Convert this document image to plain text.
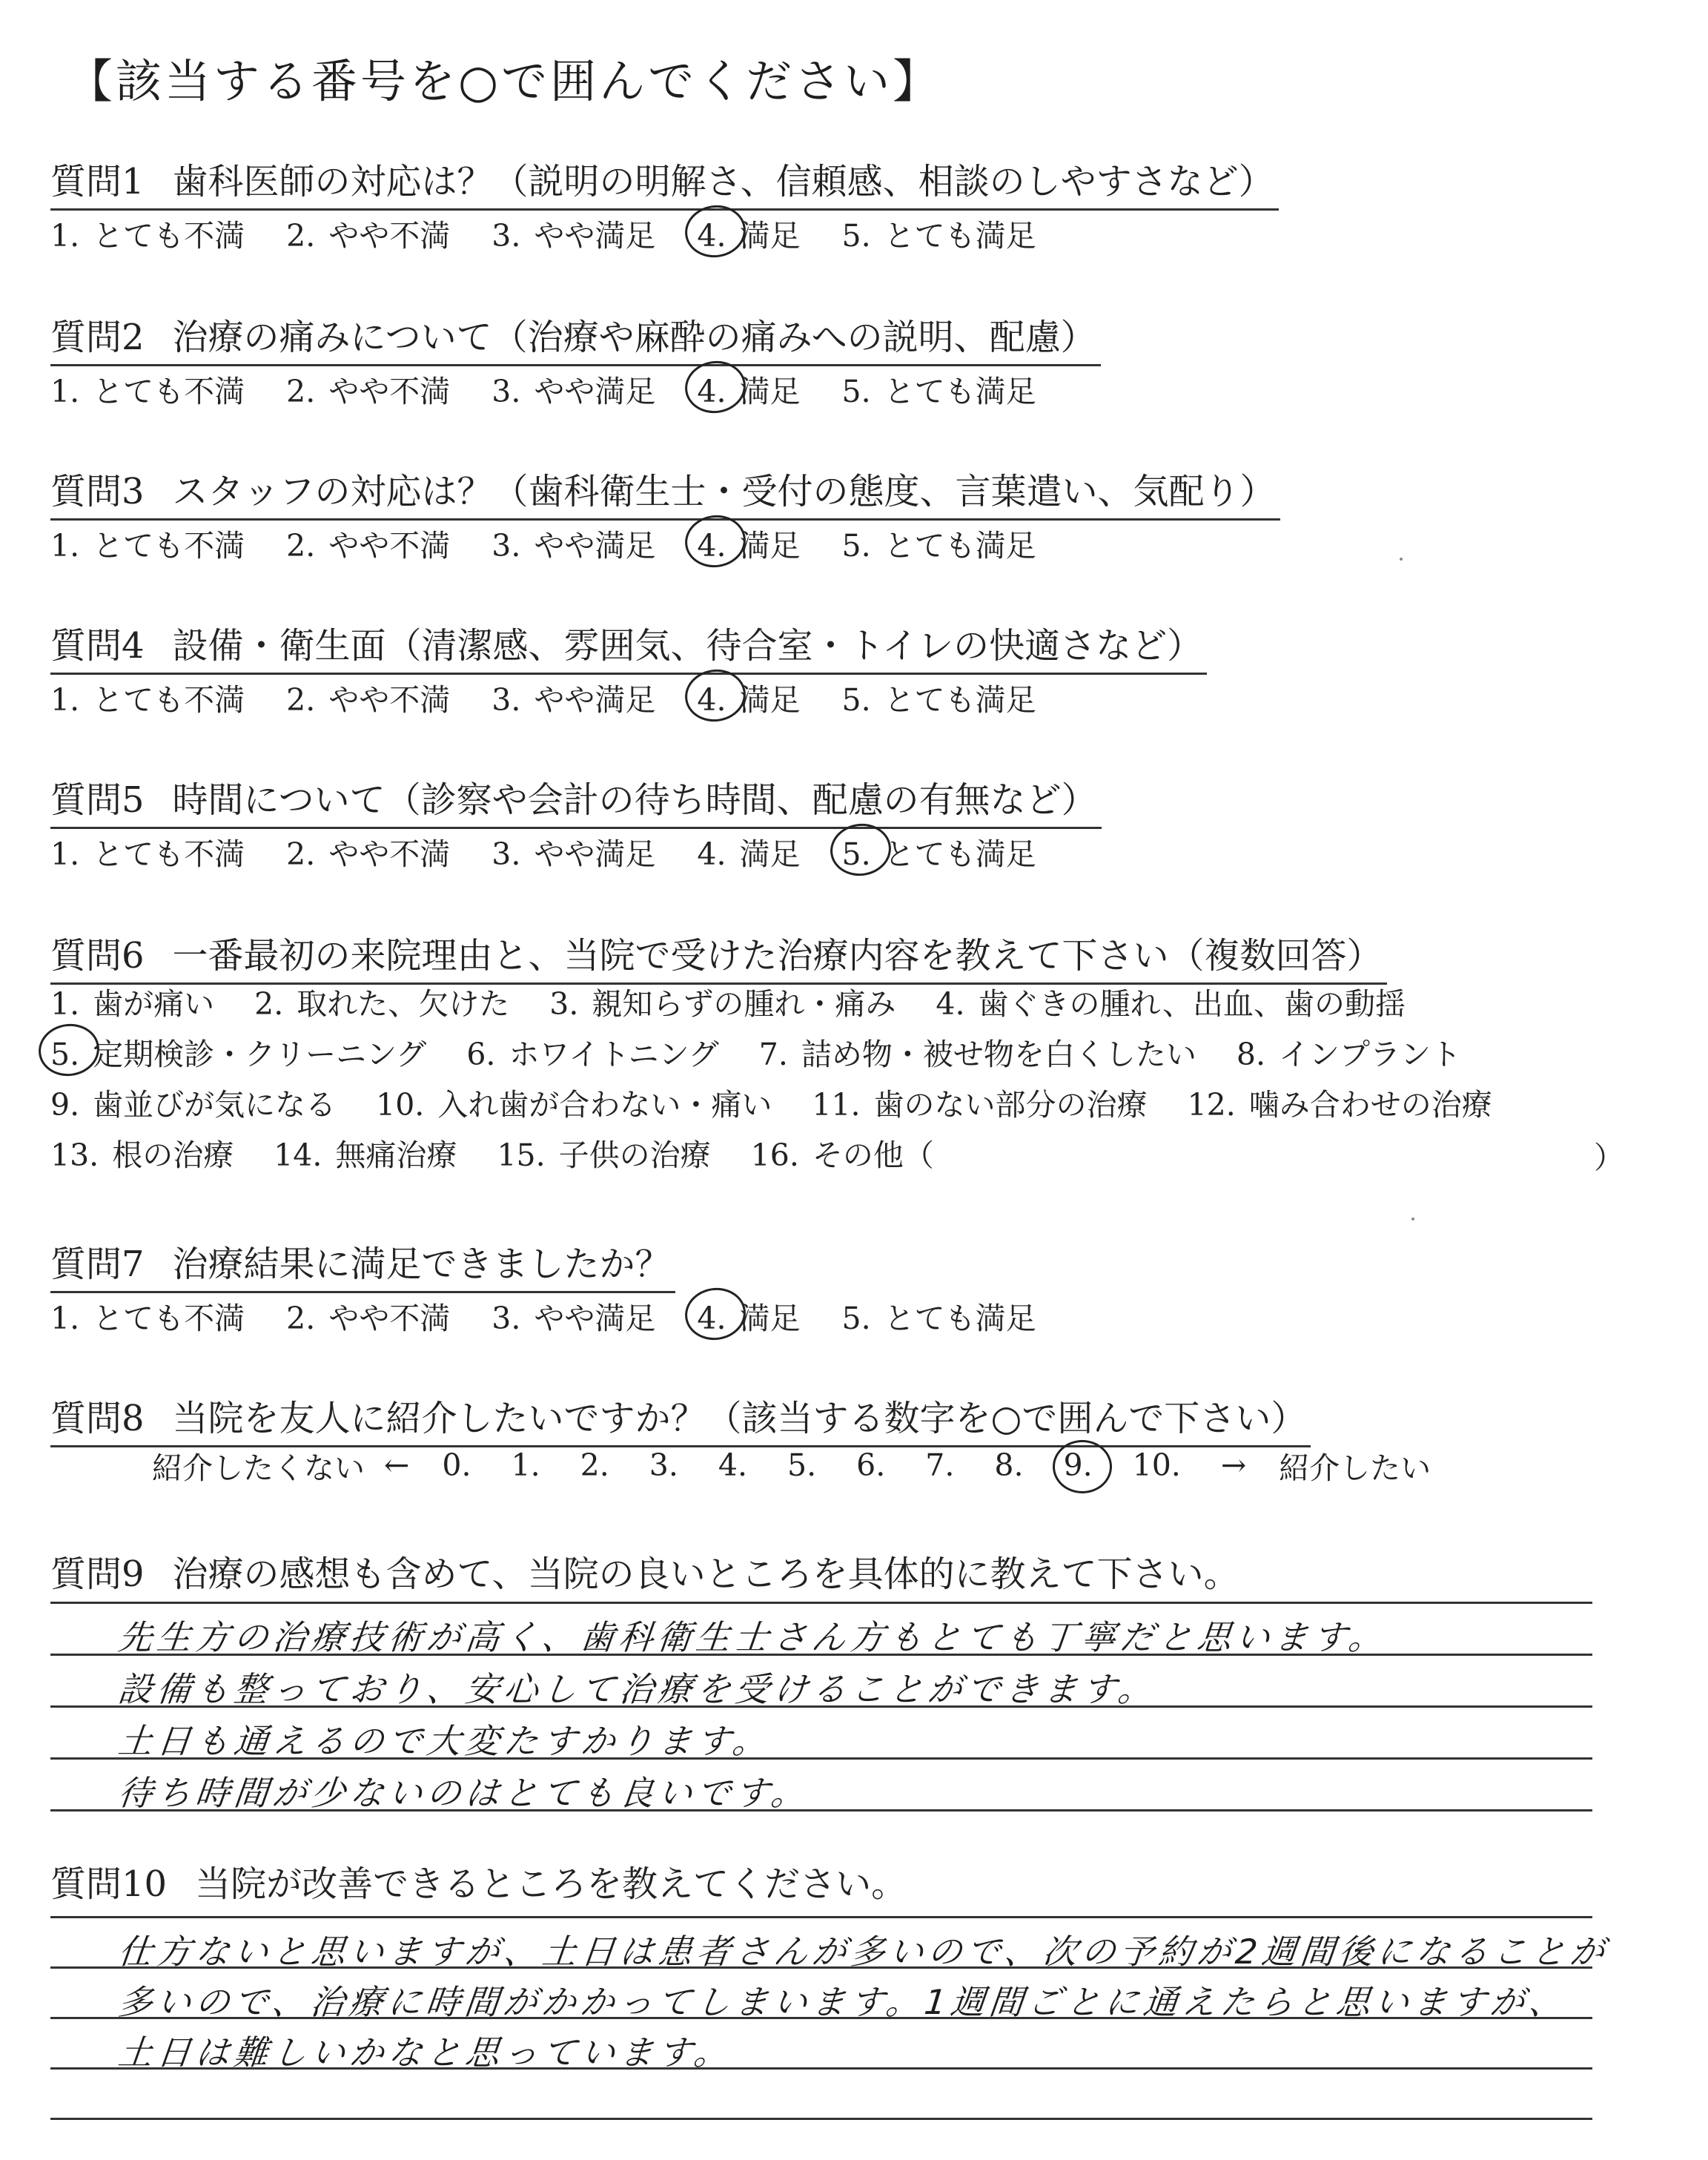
【該当する番号を○で囲んでください】
質問1 歯科医師の対応は？（説明の明解さ、信頼感、相談のしやすさなど）
1. とても不満 2. やや不満 3. やや満足 4. 満足 5. とても満足
質問2 治療の痛みについて（治療や麻酔の痛みへの説明、配慮）
1. とても不満 2. やや不満 3. やや満足 4. 満足 5. とても満足
質問3 スタッフの対応は？（歯科衛生士・受付の態度、言葉遣い、気配り）
1. とても不満 2. やや不満 3. やや満足 4. 満足 5. とても満足
質問4 設備・衛生面（清潔感、雰囲気、待合室・トイレの快適さなど）
1. とても不満 2. やや不満 3. やや満足 4. 満足 5. とても満足
質問5 時間について（診察や会計の待ち時間、配慮の有無など）
1. とても不満 2. やや不満 3. やや満足 4. 満足 5. とても満足
質問6 一番最初の来院理由と、当院で受けた治療内容を教えて下さい（複数回答）
1. 歯が痛い 2. 取れた、欠けた 3. 親知らずの腫れ・痛み 4. 歯ぐきの腫れ、出血、歯の動揺
5. 定期検診・クリーニング 6. ホワイトニング 7. 詰め物・被せ物を白くしたい 8. インプラント
9. 歯並びが気になる 10. 入れ歯が合わない・痛い 11. 歯のない部分の治療 12. 噛み合わせの治療
13. 根の治療 14. 無痛治療 15. 子供の治療 16. その他（	）
質問7 治療結果に満足できましたか？
1. とても不満 2. やや不満 3. やや満足 4. 満足 5. とても満足
質問8 当院を友人に紹介したいですか？（該当する数字を○で囲んで下さい）
紹介したくない ← 0. 1. 2. 3. 4. 5. 6. 7. 8. 9. 10. → 紹介したい
質問9 治療の感想も含めて、当院の良いところを具体的に教えて下さい。
先生方の治療技術が高く、歯科衛生士さん方もとても丁寧だと思います。
設備も整っており、安心して治療を受けることができます。
土日も通えるので大変たすかります。
待ち時間が少ないのはとても良いです。
質問10 当院が改善できるところを教えてください。
仕方ないと思いますが、土日は患者さんが多いので、次の予約が2週間後になることが
多いので、治療に時間がかかってしまいます。1週間ごとに通えたらと思いますが、
土日は難しいかなと思っています。
